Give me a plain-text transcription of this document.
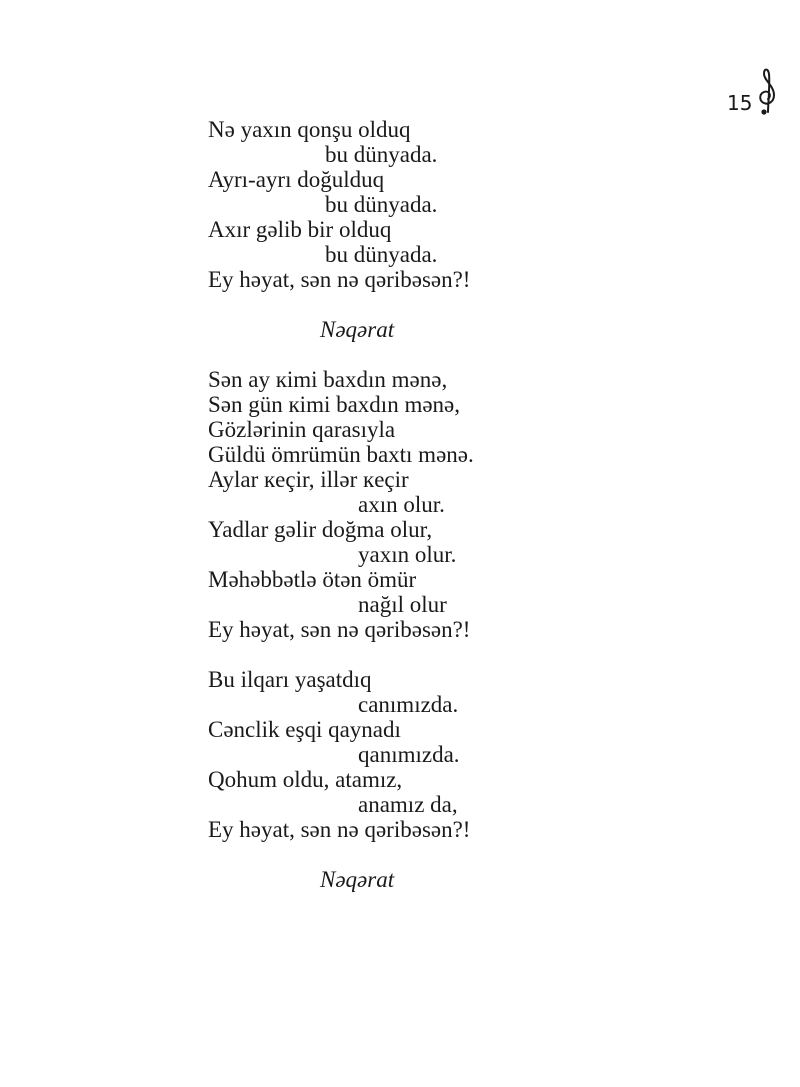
15
Nə yaxın qonşu olduq
bu dünyada.
Ayrı-ayrı doğulduq
bu dünyada.
Axır gəlib bir olduq
bu dünyada.
Ey həyat, sən nə qəribəsən?!
Nəqərat
Sən ay кimi baxdın mənə,
Sən gün кimi baxdın mənə,
Gözlərinin qarasıyla
Güldü ömrümün baxtı mənə.
Aylar кeçir, illər кeçir
axın olur.
Yadlar gəlir doğma olur,
yaxın olur.
Məhəbbətlə ötən ömür
nağıl olur
Ey həyat, sən nə qəribəsən?!
Bu ilqarı yaşatdıq
canımızda.
Cənclik eşqi qaynadı
qanımızda.
Qohum oldu, atamız,
anamız da,
Ey həyat, sən nə qəribəsən?!
Nəqərat
